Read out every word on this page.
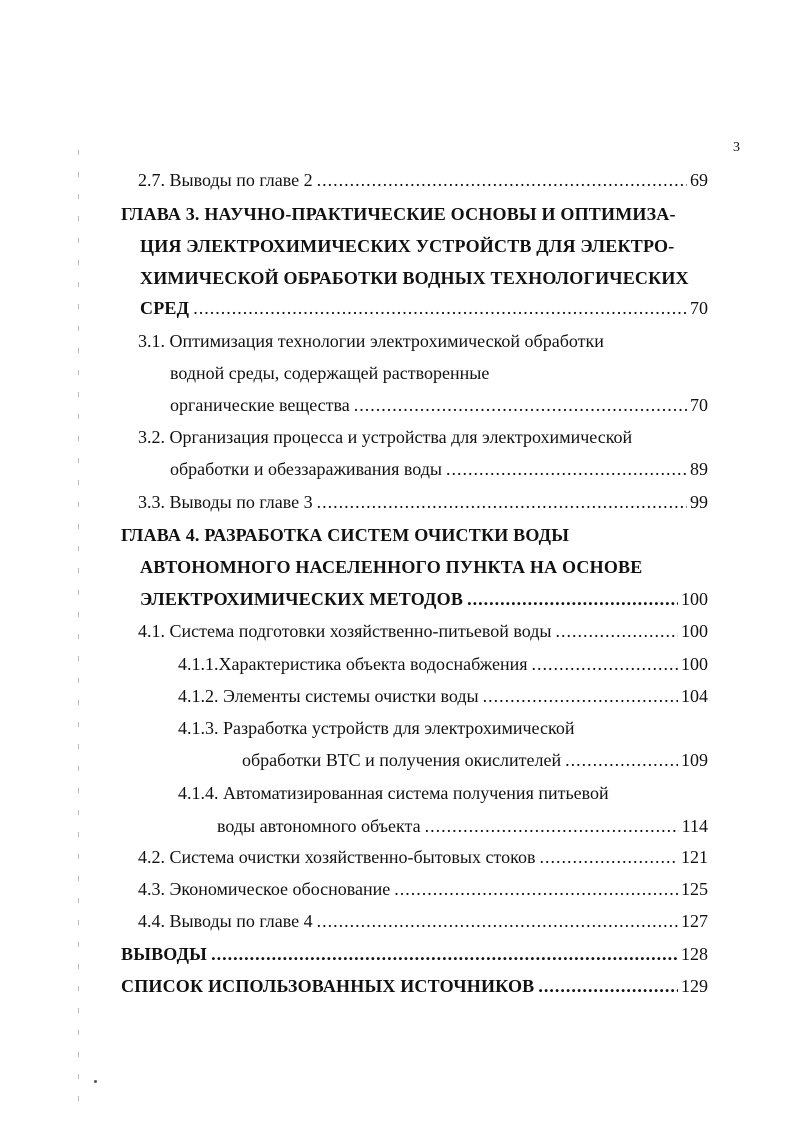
3
2.7. Выводы по главе 2 .....	69
ГЛАВА 3. НАУЧНО-ПРАКТИЧЕСКИЕ ОСНОВЫ И ОПТИМИЗА-
ЦИЯ ЭЛЕКТРОХИМИЧЕСКИХ УСТРОЙСТВ ДЛЯ ЭЛЕКТРО-
ХИМИЧЕСКОЙ ОБРАБОТКИ ВОДНЫХ ТЕХНОЛОГИЧЕСКИХ
СРЕД .....	70
3.1. Оптимизация технологии электрохимической обработки
водной среды, содержащей растворенные
органические вещества .....	70
3.2. Организация процесса и устройства для электрохимической
обработки и обеззараживания воды .....	89
3.3. Выводы по главе 3 .....	99
ГЛАВА 4. РАЗРАБОТКА СИСТЕМ ОЧИСТКИ ВОДЫ
АВТОНОМНОГО НАСЕЛЕННОГО ПУНКТА НА ОСНОВЕ
ЭЛЕКТРОХИМИЧЕСКИХ МЕТОДОВ .....	100
4.1. Система подготовки хозяйственно-питьевой воды .....	100
4.1.1.Характеристика объекта водоснабжения .....	100
4.1.2. Элементы системы очистки воды .....	104
4.1.3. Разработка устройств для электрохимической
обработки ВТС и получения окислителей .....	109
4.1.4. Автоматизированная система получения питьевой
воды автономного объекта .....	114
4.2. Система очистки хозяйственно-бытовых стоков .....	121
4.3. Экономическое обоснование .....	125
4.4. Выводы по главе 4 .....	127
ВЫВОДЫ .....	128
СПИСОК ИСПОЛЬЗОВАННЫХ ИСТОЧНИКОВ .....	129
